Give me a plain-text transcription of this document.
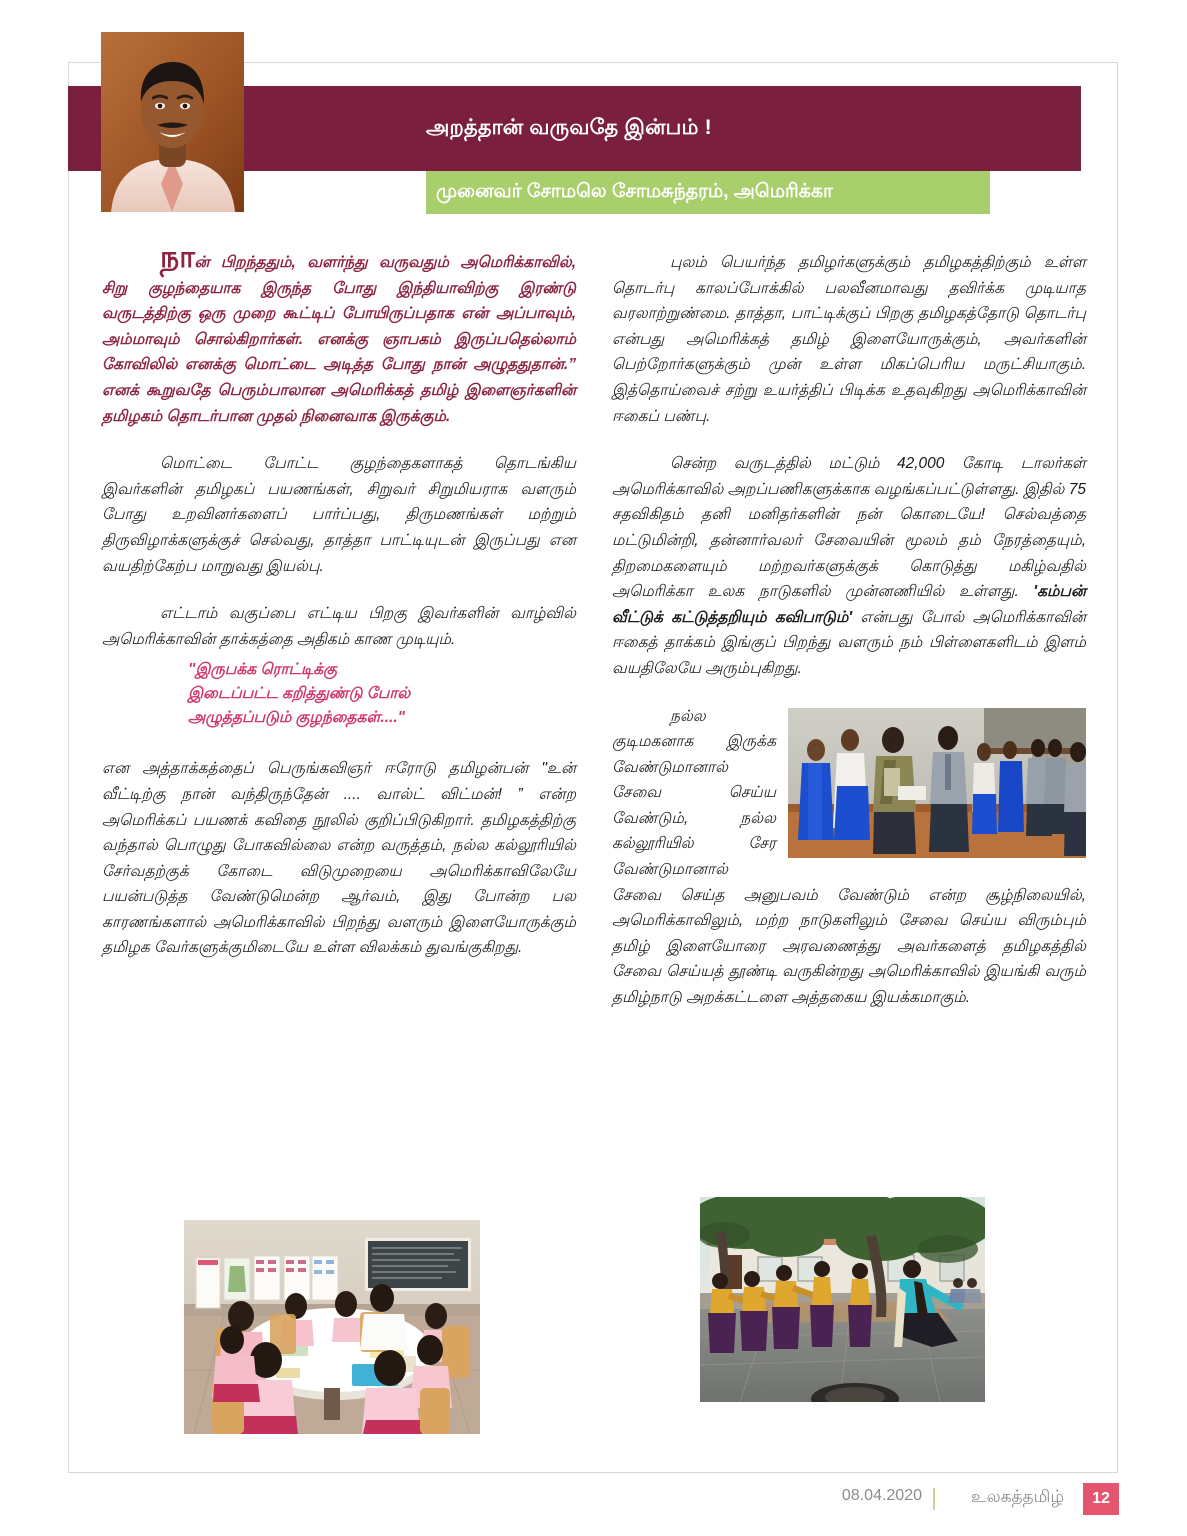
அறத்தான் வருவதே இன்பம் !
முனைவர் சோமலெ சோமசுந்தரம், அமெரிக்கா

நான் பிறந்ததும், வளர்ந்து வருவதும் அமெரிக்காவில், சிறு குழந்தையாக இருந்த போது இந்தியாவிற்கு இரண்டு வருடத்திற்கு ஒரு முறை கூட்டிப் போயிருப்பதாக என் அப்பாவும், அம்மாவும் சொல்கிறார்கள். எனக்கு ஞாபகம் இருப்பதெல்லாம் கோவிலில் எனக்கு மொட்டை அடித்த போது நான் அழுததுதான்.” எனக் கூறுவதே பெரும்பாலான அமெரிக்கத் தமிழ் இளைஞர்களின் தமிழகம் தொடர்பான முதல் நினைவாக இருக்கும்.

மொட்டை போட்ட குழந்தைகளாகத் தொடங்கிய இவர்களின் தமிழகப் பயணங்கள், சிறுவர் சிறுமியராக வளரும் போது உறவினர்களைப் பார்ப்பது, திருமணங்கள் மற்றும் திருவிழாக்களுக்குச் செல்வது, தாத்தா பாட்டியுடன் இருப்பது என வயதிற்கேற்ப மாறுவது இயல்பு.

எட்டாம் வகுப்பை எட்டிய பிறகு இவர்களின் வாழ்வில் அமெரிக்காவின் தாக்கத்தை அதிகம் காண முடியும்.

"இருபக்க ரொட்டிக்கு
இடைப்பட்ட கறித்துண்டு போல்
அழுத்தப்படும் குழந்தைகள்...."

என அத்தாக்கத்தைப் பெருங்கவிஞர் ஈரோடு தமிழன்பன் "உன் வீட்டிற்கு நான் வந்திருந்தேன் .... வால்ட் விட்மன்! ” என்ற அமெரிக்கப் பயணக் கவிதை நூலில் குறிப்பிடுகிறார். தமிழகத்திற்கு வந்தால் பொழுது போகவில்லை என்ற வருத்தம், நல்ல கல்லூரியில் சேர்வதற்குக் கோடை விடுமுறையை அமெரிக்காவிலேயே பயன்படுத்த வேண்டுமென்ற ஆர்வம், இது போன்ற பல காரணங்களால் அமெரிக்காவில் பிறந்து வளரும் இளையோருக்கும் தமிழக வேர்களுக்குமிடையே உள்ள விலக்கம் துவங்குகிறது.

புலம் பெயர்ந்த தமிழர்களுக்கும் தமிழகத்திற்கும் உள்ள தொடர்பு காலப்போக்கில் பலவீனமாவது தவிர்க்க முடியாத வரலாற்றுண்மை. தாத்தா, பாட்டிக்குப் பிறகு தமிழகத்தோடு தொடர்பு என்பது அமெரிக்கத் தமிழ் இளையோருக்கும், அவர்களின் பெற்றோர்களுக்கும் முன் உள்ள மிகப்பெரிய மருட்சியாகும். இத்தொய்வைச் சற்று உயர்த்திப் பிடிக்க உதவுகிறது அமெரிக்காவின் ஈகைப் பண்பு.

சென்ற வருடத்தில் மட்டும் 42,000 கோடி டாலர்கள் அமெரிக்காவில் அறப்பணிகளுக்காக வழங்கப்பட்டுள்ளது. இதில் 75 சதவிகிதம் தனி மனிதர்களின் நன் கொடையே! செல்வத்தை மட்டுமின்றி, தன்னார்வலர் சேவையின் மூலம் தம் நேரத்தையும், திறமைகளையும் மற்றவர்களுக்குக் கொடுத்து மகிழ்வதில் அமெரிக்கா உலக நாடுகளில் முன்னணியில் உள்ளது. 'கம்பன் வீட்டுக் கட்டுத்தறியும் கவிபாடும்' என்பது போல் அமெரிக்காவின் ஈகைத் தாக்கம் இங்குப் பிறந்து வளரும் நம் பிள்ளைகளிடம் இளம் வயதிலேயே அரும்புகிறது.

நல்ல குடிமகனாக இருக்க வேண்டுமானால் சேவை செய்ய வேண்டும், நல்ல கல்லூரியில் சேர வேண்டுமானால் சேவை செய்த அனுபவம் வேண்டும் என்ற சூழ்நிலையில், அமெரிக்காவிலும், மற்ற நாடுகளிலும் சேவை செய்ய விரும்பும் தமிழ் இளையோரை அரவணைத்து அவர்களைத் தமிழகத்தில் சேவை செய்யத் தூண்டி வருகின்றது அமெரிக்காவில் இயங்கி வரும் தமிழ்நாடு அறக்கட்டளை அத்தகைய இயக்கமாகும்.

08.04.2020	உலகத்தமிழ்	12
